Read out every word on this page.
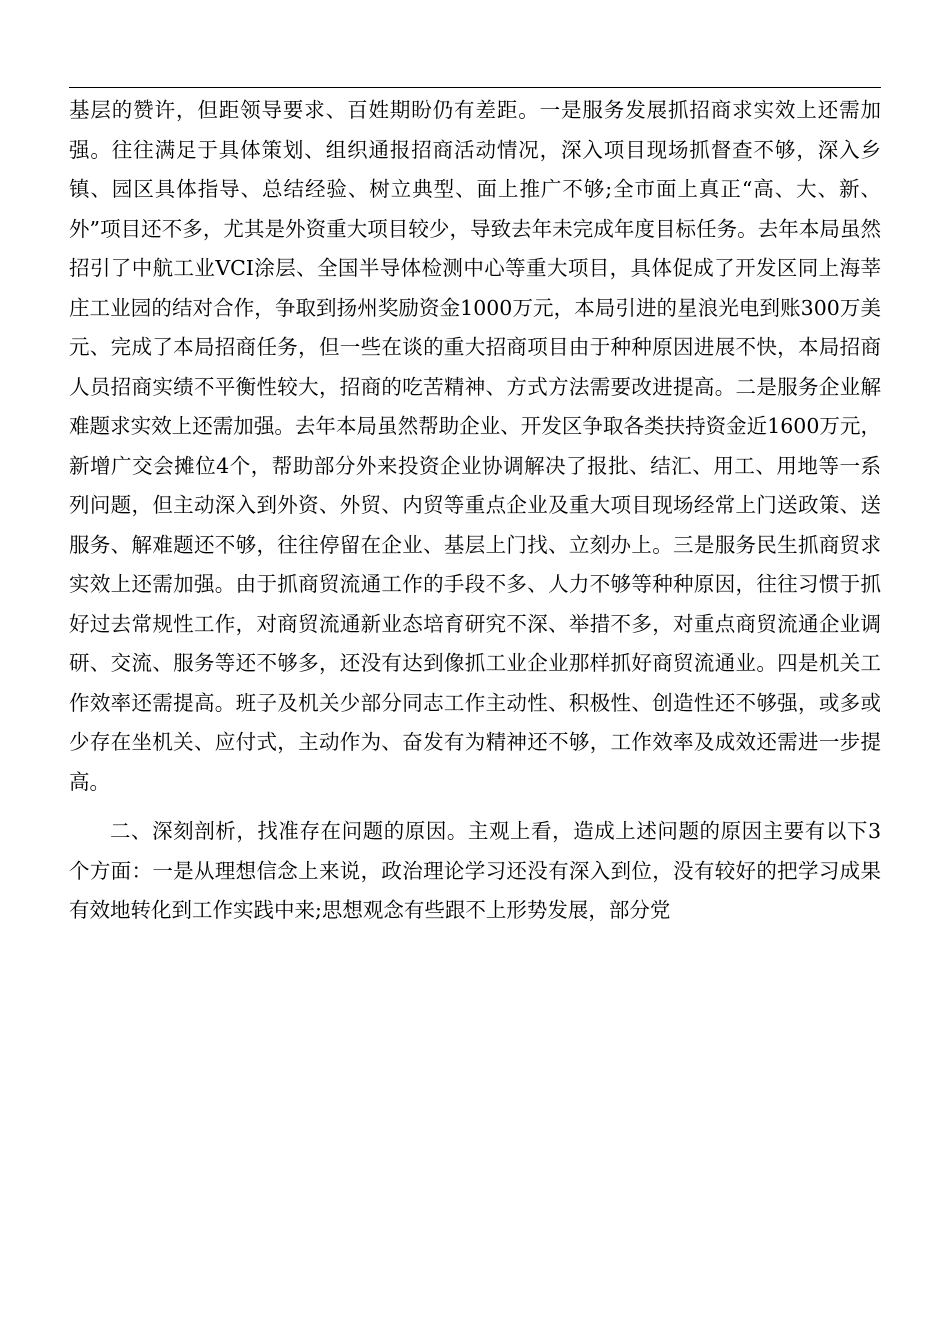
基层的赞许，但距领导要求、百姓期盼仍有差距。一是服务发展抓招商求实效上还需加强。往往满足于具体策划、组织通报招商活动情况，深入项目现场抓督查不够，深入乡镇、园区具体指导、总结经验、树立典型、面上推广不够;全市面上真正“高、大、新、外”项目还不多，尤其是外资重大项目较少，导致去年未完成年度目标任务。去年本局虽然招引了中航工业VCI涂层、全国半导体检测中心等重大项目，具体促成了开发区同上海莘庄工业园的结对合作，争取到扬州奖励资金1000万元，本局引进的星浪光电到账300万美元、完成了本局招商任务，但一些在谈的重大招商项目由于种种原因进展不快，本局招商人员招商实绩不平衡性较大，招商的吃苦精神、方式方法需要改进提高。二是服务企业解难题求实效上还需加强。去年本局虽然帮助企业、开发区争取各类扶持资金近1600万元，新增广交会摊位4个，帮助部分外来投资企业协调解决了报批、结汇、用工、用地等一系列问题，但主动深入到外资、外贸、内贸等重点企业及重大项目现场经常上门送政策、送服务、解难题还不够，往往停留在企业、基层上门找、立刻办上。三是服务民生抓商贸求实效上还需加强。由于抓商贸流通工作的手段不多、人力不够等种种原因，往往习惯于抓好过去常规性工作，对商贸流通新业态培育研究不深、举措不多，对重点商贸流通企业调研、交流、服务等还不够多，还没有达到像抓工业企业那样抓好商贸流通业。四是机关工作效率还需提高。班子及机关少部分同志工作主动性、积极性、创造性还不够强，或多或少存在坐机关、应付式，主动作为、奋发有为精神还不够，工作效率及成效还需进一步提高。

二、深刻剖析，找准存在问题的原因。主观上看，造成上述问题的原因主要有以下3个方面：一是从理想信念上来说，政治理论学习还没有深入到位，没有较好的把学习成果有效地转化到工作实践中来;思想观念有些跟不上形势发展，部分党
